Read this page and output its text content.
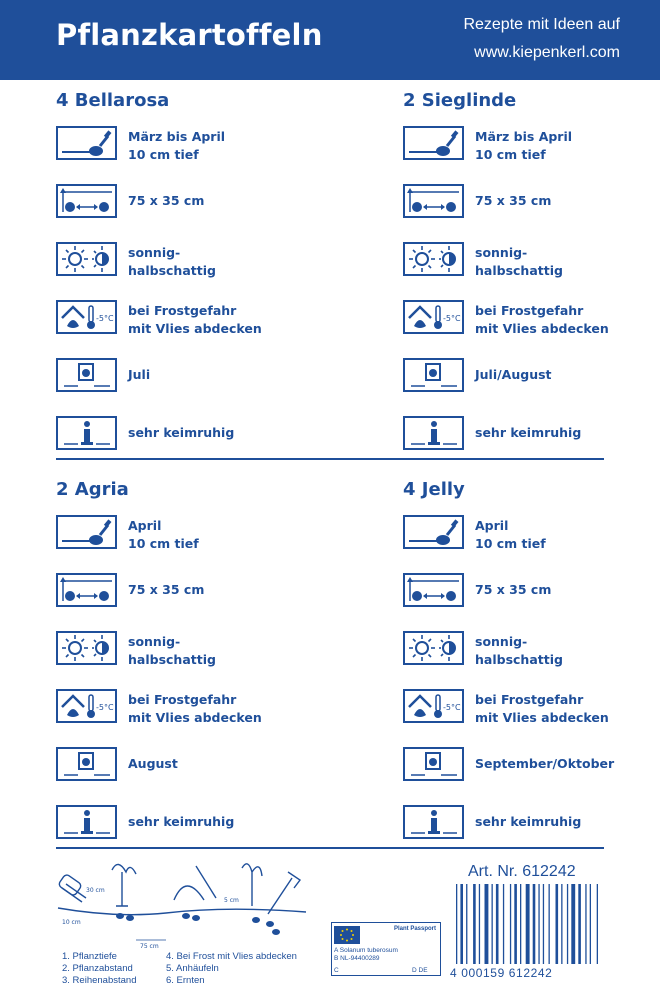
Pflanzkartoffeln	Rezepte mit Ideen auf
www.kiepenkerl.com
4 Bellarosa
März bis April
10 cm tief
75 x 35 cm
sonnig-
halbschattig
bei Frostgefahr
mit Vlies abdecken
Juli
sehr keimruhig
2 Sieglinde
März bis April
10 cm tief
75 x 35 cm
sonnig-
halbschattig
bei Frostgefahr
mit Vlies abdecken
Juli/August
sehr keimruhig
2 Agria
April
10 cm tief
75 x 35 cm
sonnig-
halbschattig
bei Frostgefahr
mit Vlies abdecken
August
sehr keimruhig
4 Jelly
April
10 cm tief
75 x 35 cm
sonnig-
halbschattig
bei Frostgefahr
mit Vlies abdecken
September/Oktober
sehr keimruhig
10 cm
30 cm
75 cm
5 cm
1. Pflanztiefe
2. Pflanzabstand
3. Reihenabstand
4. Bei Frost mit Vlies abdecken
5. Anhäufeln
6. Ernten
Plant Passport
A Solanum tuberosum
B NL-94400289
C	D DE
Art. Nr. 612242
4 000159 612242
